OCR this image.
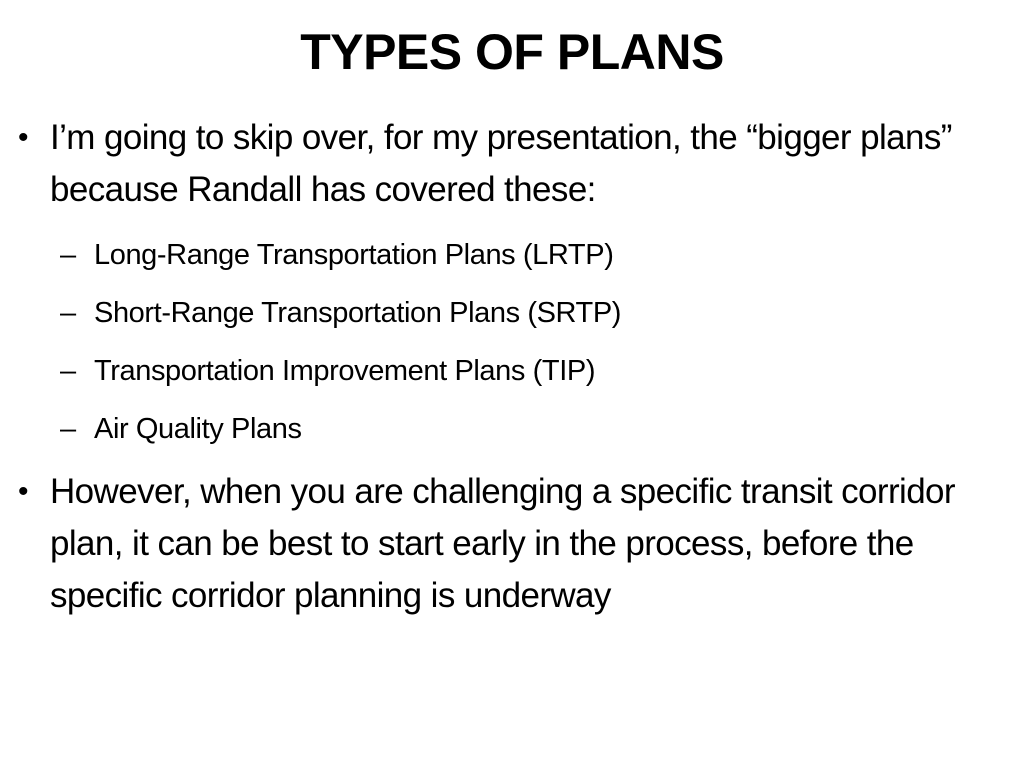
TYPES OF PLANS
• I’m going to skip over, for my presentation, the “bigger plans” because Randall has covered these:
– Long-Range Transportation Plans (LRTP)
– Short-Range Transportation Plans (SRTP)
– Transportation Improvement Plans (TIP)
– Air Quality Plans
• However, when you are challenging a specific transit corridor plan, it can be best to start early in the process, before the specific corridor planning is underway
